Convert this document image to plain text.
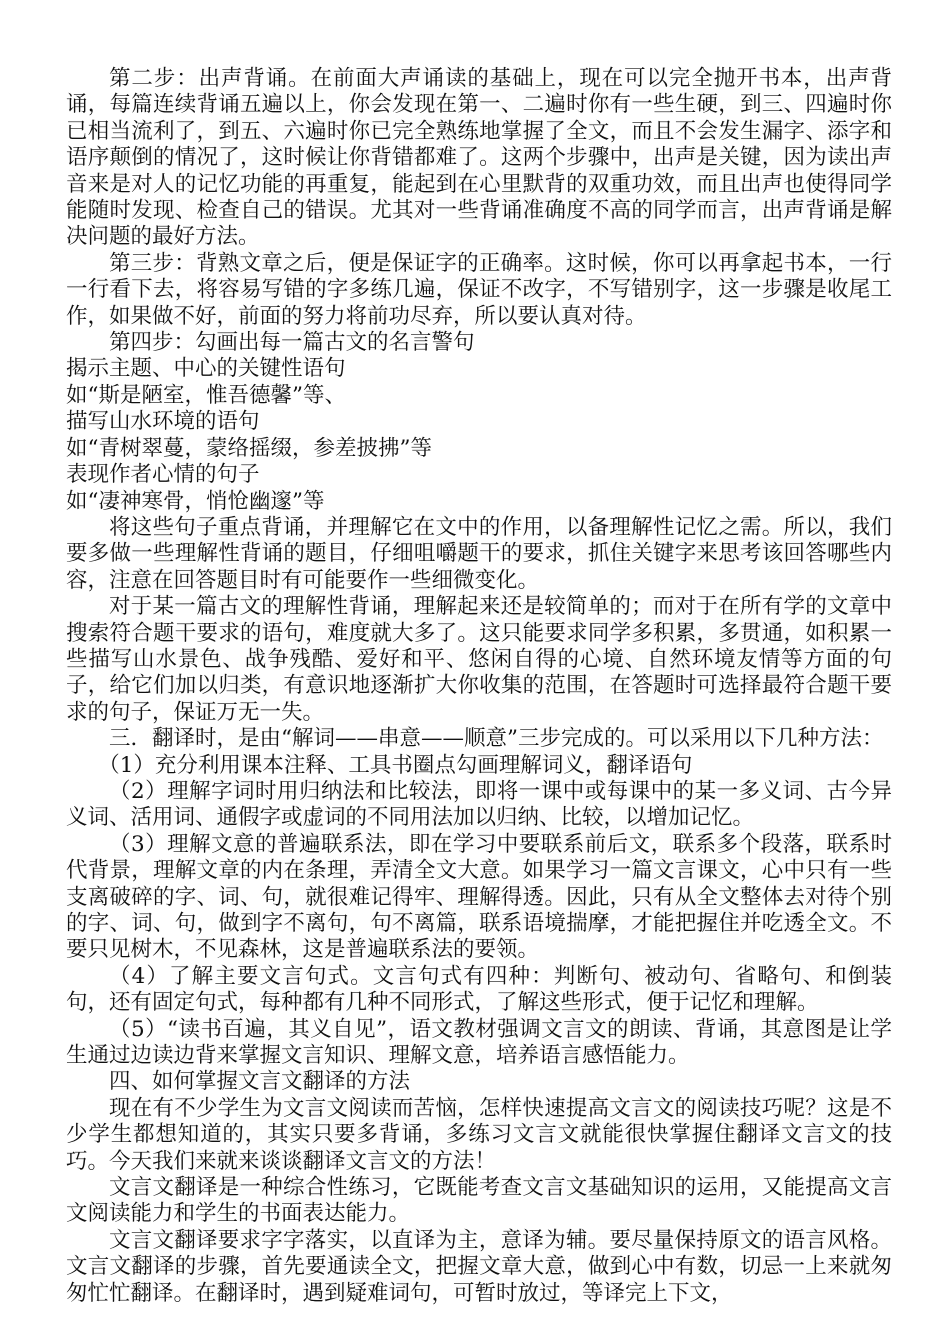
第二步：出声背诵。在前面大声诵读的基础上，现在可以完全抛开书本，出声背诵，每篇连续背诵五遍以上，你会发现在第一、二遍时你有一些生硬，到三、四遍时你已相当流利了，到五、六遍时你已完全熟练地掌握了全文，而且不会发生漏字、添字和语序颠倒的情况了，这时候让你背错都难了。这两个步骤中，出声是关键，因为读出声音来是对人的记忆功能的再重复，能起到在心里默背的双重功效，而且出声也使得同学能随时发现、检查自己的错误。尤其对一些背诵准确度不高的同学而言，出声背诵是解决问题的最好方法。

第三步：背熟文章之后，便是保证字的正确率。这时候，你可以再拿起书本，一行一行看下去，将容易写错的字多练几遍，保证不改字，不写错别字，这一步骤是收尾工作，如果做不好，前面的努力将前功尽弃，所以要认真对待。

第四步：勾画出每一篇古文的名言警句

揭示主题、中心的关键性语句

如“斯是陋室，惟吾德馨”等、

描写山水环境的语句

如“青树翠蔓，蒙络摇缀，参差披拂”等

表现作者心情的句子

如“凄神寒骨，悄怆幽邃”等

将这些句子重点背诵，并理解它在文中的作用，以备理解性记忆之需。所以，我们要多做一些理解性背诵的题目，仔细咀嚼题干的要求，抓住关键字来思考该回答哪些内容，注意在回答题目时有可能要作一些细微变化。

对于某一篇古文的理解性背诵，理解起来还是较简单的；而对于在所有学的文章中搜索符合题干要求的语句，难度就大多了。这只能要求同学多积累，多贯通，如积累一些描写山水景色、战争残酷、爱好和平、悠闲自得的心境、自然环境友情等方面的句子，给它们加以归类，有意识地逐渐扩大你收集的范围，在答题时可选择最符合题干要求的句子，保证万无一失。

三．翻译时，是由“解词——串意——顺意”三步完成的。可以采用以下几种方法：

（1）充分利用课本注释、工具书圈点勾画理解词义，翻译语句

（2）理解字词时用归纳法和比较法，即将一课中或每课中的某一多义词、古今异义词、活用词、通假字或虚词的不同用法加以归纳、比较，以增加记忆。

（3）理解文意的普遍联系法，即在学习中要联系前后文，联系多个段落，联系时代背景，理解文章的内在条理，弄清全文大意。如果学习一篇文言课文，心中只有一些支离破碎的字、词、句，就很难记得牢、理解得透。因此，只有从全文整体去对待个别的字、词、句，做到字不离句，句不离篇，联系语境揣摩，才能把握住并吃透全文。不要只见树木，不见森林，这是普遍联系法的要领。

（4）了解主要文言句式。文言句式有四种：判断句、被动句、省略句、和倒装句，还有固定句式，每种都有几种不同形式，了解这些形式，便于记忆和理解。

（5）“读书百遍，其义自见”，语文教材强调文言文的朗读、背诵，其意图是让学生通过边读边背来掌握文言知识、理解文意，培养语言感悟能力。

四、如何掌握文言文翻译的方法

现在有不少学生为文言文阅读而苦恼，怎样快速提高文言文的阅读技巧呢？这是不少学生都想知道的，其实只要多背诵，多练习文言文就能很快掌握住翻译文言文的技巧。今天我们来就来谈谈翻译文言文的方法！

文言文翻译是一种综合性练习，它既能考查文言文基础知识的运用，又能提高文言文阅读能力和学生的书面表达能力。

文言文翻译要求字字落实，以直译为主，意译为辅。要尽量保持原文的语言风格。文言文翻译的步骤，首先要通读全文，把握文章大意，做到心中有数，切忌一上来就匆匆忙忙翻译。在翻译时，遇到疑难词句，可暂时放过，等译完上下文，
